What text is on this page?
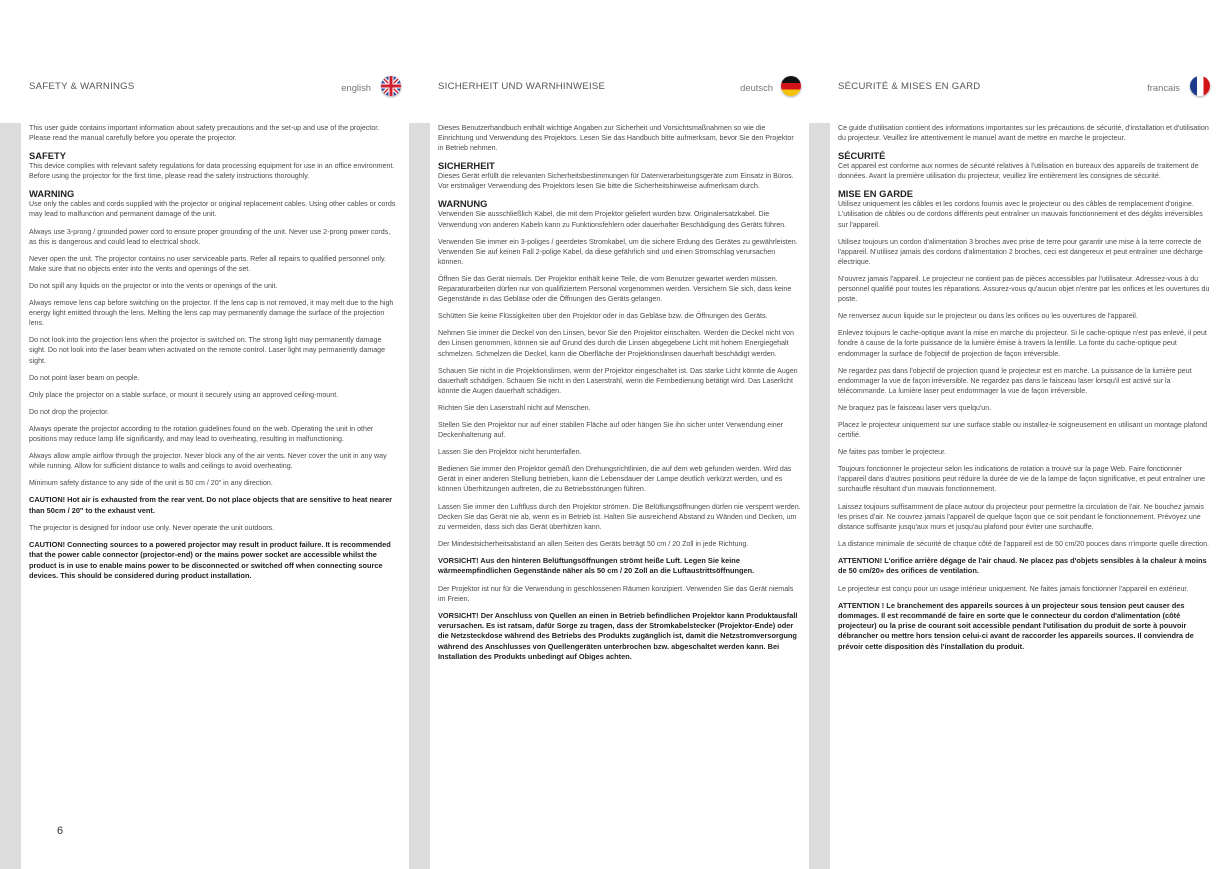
SAFETY & WARNINGS	english	SICHERHEIT UND WARNHINWEISE	deutsch	SÉCURITÉ & MISES EN GARD	francais

This user guide contains important information about safety precautions and the set-up and use of the projector. Please read the manual carefully before you operate the projector.

SAFETY

This device complies with relevant safety regulations for data processing equipment for use in an office environment. Before using the projector for the first time, please read the safety instructions thoroughly.

WARNING

Use only the cables and cords supplied with the projector or original replacement cables. Using other cables or cords may lead to malfunction and permanent damage of the unit.

Always use 3-prong / grounded power cord to ensure proper grounding of the unit. Never use 2-prong power cords, as this is dangerous and could lead to electrical shock.

Never open the unit. The projector contains no user serviceable parts. Refer all repairs to qualified personnel only. Make sure that no objects enter into the vents and openings of the set.

Do not spill any liquids on the projector or into the vents or openings of the unit.

Always remove lens cap before switching on the projector. If the lens cap is not removed, it may melt due to the high energy light emitted through the lens. Melting the lens cap may permanently damage the surface of the projection lens.

Do not look into the projection lens when the projector is switched on. The strong light may permanently damage sight. Do not look into the laser beam when activated on the remote control. Laser light may permanently damage sight.

Do not point laser beam on people.

Only place the projector on a stable surface, or mount it securely using an approved ceiling-mount.

Do not drop the projector.

Always operate the projector according to the rotation guidelines found on the web. Operating the unit in other positions may reduce lamp life significantly, and may lead to overheating, resulting in malfunctioning.

Always allow ample airflow through the projector. Never block any of the air vents. Never cover the unit in any way while running. Allow for sufficient distance to walls and ceilings to avoid overheating.

Minimum safety distance to any side of the unit is 50 cm / 20" in any direction.

CAUTION! Hot air is exhausted from the rear vent. Do not place objects that are sensitive to heat nearer than 50cm / 20" to the exhaust vent.

The projector is designed for indoor use only. Never operate the unit outdoors.

CAUTION! Connecting sources to a powered projector may result in product failure. It is recommended that the power cable connector (projector-end) or the mains power socket are accessible whilst the product is in use to enable mains power to be disconnected or switched off when connecting source devices. This should be considered during product installation.

Dieses Benutzerhandbuch enthält wichtige Angaben zur Sicherheit und Vorsichtsmaßnahmen so wie die Einrichtung und Verwendung des Projektors. Lesen Sie das Handbuch bitte aufmerksam, bevor Sie den Projektor in Betrieb nehmen.

SICHERHEIT

Dieses Gerät erfüllt die relevanten Sicherheitsbestimmungen für Datenverarbeitungsgeräte zum Einsatz in Büros. Vor erstmaliger Verwendung des Projektors lesen Sie bitte die Sicherheitshinweise aufmerksam durch.

WARNUNG

Verwenden Sie ausschließlich Kabel, die mit dem Projektor geliefert wurden bzw. Originalersatzkabel. Die Verwendung von anderen Kabeln kann zu Funktionsfehlern oder dauerhafter Beschädigung des Geräts führen.

Verwenden Sie immer ein 3-poliges / geerdetes Stromkabel, um die sichere Erdung des Gerätes zu gewährleisten. Verwenden Sie auf keinen Fall 2-polige Kabel, da diese gefährlich sind und einen Stromschlag verursachen können.

Öffnen Sie das Gerät niemals. Der Projektor enthält keine Teile, die vom Benutzer gewartet werden müssen. Reparaturarbeiten dürfen nur von qualifiziertem Personal vorgenommen werden. Versichern Sie sich, dass keine Gegenstände in das Gebläse oder die Öffnungen des Geräts gelangen.

Schütten Sie keine Flüssigkeiten über den Projektor oder in das Gebläse bzw. die Öffnungen des Geräts.

Nehmen Sie immer die Deckel von den Linsen, bevor Sie den Projektor einschalten. Werden die Deckel nicht von den Linsen genommen, können sie auf Grund des durch die Linsen abgegebene Licht mit hohem Energiegehalt schmelzen. Schmelzen die Deckel, kann die Oberfläche der Projektionslinsen dauerhaft beschädigt werden.

Schauen Sie nicht in die Projektionslinsen, wenn der Projektor eingeschaltet ist. Das starke Licht könnte die Augen dauerhaft schädigen. Schauen Sie nicht in den Laserstrahl, wenn die Fernbedienung betätigt wird. Das Laserlicht könnte die Augen dauerhaft schädigen.

Richten Sie den Laserstrahl nicht auf Menschen.

Stellen Sie den Projektor nur auf einer stabilen Fläche auf oder hängen Sie ihn sicher unter Verwendung einer Deckenhalterung auf.

Lassen Sie den Projektor nicht herunterfallen.

Bedienen Sie immer den Projektor gemäß den Drehungsrichtlinien, die auf dem web gefunden werden. Wird das Gerät in einer anderen Stellung betrieben, kann die Lebensdauer der Lampe deutlich verkürzt werden, und es können Überhitzungen auftreten, die zu Betriebsstörungen führen.

Lassen Sie immer den Luftfluss durch den Projektor strömen. Die Belüftungsöffnungen dürfen nie versperrt werden. Decken Sie das Gerät nie ab, wenn es in Betrieb ist. Halten Sie ausreichend Abstand zu Wänden und Decken, um zu vermeiden, dass sich das Gerät überhitzen kann.

Der Mindestsicherheitsabstand an allen Seiten des Geräts beträgt 50 cm / 20 Zoll in jede Richtung.

VORSICHT! Aus den hinteren Belüftungsöffnungen strömt heiße Luft. Legen Sie keine wärmeempfindlichen Gegenstände näher als 50 cm / 20 Zoll an die Luftaustrittsöffnungen.

Der Projektor ist nur für die Verwendung in geschlossenen Räumen konzipiert. Verwenden Sie das Gerät niemals im Freien.

VORSICHT! Der Anschluss von Quellen an einen in Betrieb befindlichen Projektor kann Produktausfall verursachen. Es ist ratsam, dafür Sorge zu tragen, dass der Stromkabelstecker (Projektor-Ende) oder die Netzsteckdose während des Betriebs des Produkts zugänglich ist, damit die Netzstromversorgung während des Anschlusses von Quellengeräten unterbrochen bzw. abgeschaltet werden kann. Bei Installation des Produkts unbedingt auf Obiges achten.

Ce guide d'utilisation contient des informations importantes sur les précautions de sécurité, d'installation et d'utilisation du projecteur. Veuillez lire attentivement le manuel avant de mettre en marche le projecteur.

SÉCURITÉ

Cet appareil est conforme aux normes de sécurité relatives à l'utilisation en bureaux des appareils de traitement de données. Avant la première utilisation du projecteur, veuillez lire entièrement les consignes de sécurité.

MISE EN GARDE

Utilisez uniquement les câbles et les cordons fournis avec le projecteur ou des câbles de remplacement d'origine. L'utilisation de câbles ou de cordons différents peut entraîner un mauvais fonctionnement et des dégâts irréversibles sur l'appareil.

Utilisez toujours un cordon d'alimentation 3 broches avec prise de terre pour garantir une mise à la terre correcte de l'appareil. N'utilisez jamais des cordons d'alimentation 2 broches, ceci est dangereux et peut entraîner une décharge électrique.

N'ouvrez jamais l'appareil. Le projecteur ne contient pas de pièces accessibles par l'utilisateur. Adressez-vous à du personnel qualifié pour toutes les réparations. Assurez-vous qu'aucun objet n'entre par les orifices et les ouvertures du poste.

Ne renversez aucun liquide sur le projecteur ou dans les orifices ou les ouvertures de l'appareil.

Enlevez toujours le cache-optique avant la mise en marche du projecteur. Si le cache-optique n'est pas enlevé, il peut fondre à cause de la forte puissance de la lumière émise à travers la lentille. La fonte du cache-optique peut endommager la surface de l'objectif de projection de façon irréversible.

Ne regardez pas dans l'objectif de projection quand le projecteur est en marche. La puissance de la lumière peut endommager la vue de façon irréversible. Ne regardez pas dans le faisceau laser lorsqu'il est activé sur la télécommande. La lumière laser peut endommager la vue de façon irréversible.

Ne braquez pas le faisceau laser vers quelqu'un.

Placez le projecteur uniquement sur une surface stable ou installez-le soigneusement en utilisant un montage plafond certifié.

Ne faites pas tomber le projecteur.

Toujours fonctionner le projecteur selon les indications de rotation a trouvé sur la page Web. Faire fonctionner l'appareil dans d'autres positions peut réduire la durée de vie de la lampe de façon significative, et peut entraîner une surchauffe résultant d'un mauvais fonctionnement.

Laissez toujours suffisamment de place autour du projecteur pour permettre la circulation de l'air. Ne bouchez jamais les prises d'air. Ne couvrez jamais l'appareil de quelque façon que ce soit pendant le fonctionnement. Prévoyez une distance suffisante jusqu'aux murs et jusqu'au plafond pour éviter une surchauffe.

La distance minimale de sécurité de chaque côté de l'appareil est de 50 cm/20 pouces dans n'importe quelle direction.

ATTENTION! L'orifice arrière dégage de l'air chaud. Ne placez pas d'objets sensibles à la chaleur à moins de 50 cm/20» des orifices de ventilation.

Le projecteur est conçu pour un usage intérieur uniquement. Ne faites jamais fonctionner l'appareil en extérieur.

ATTENTION ! Le branchement des appareils sources à un projecteur sous tension peut causer des dommages. Il est recommandé de faire en sorte que le connecteur du cordon d'alimentation (côté projecteur) ou la prise de courant soit accessible pendant l'utilisation du produit de sorte à pouvoir débrancher ou mettre hors tension celui-ci avant de raccorder les appareils sources. Il conviendra de prévoir cette disposition dès l'installation du produit.

6
